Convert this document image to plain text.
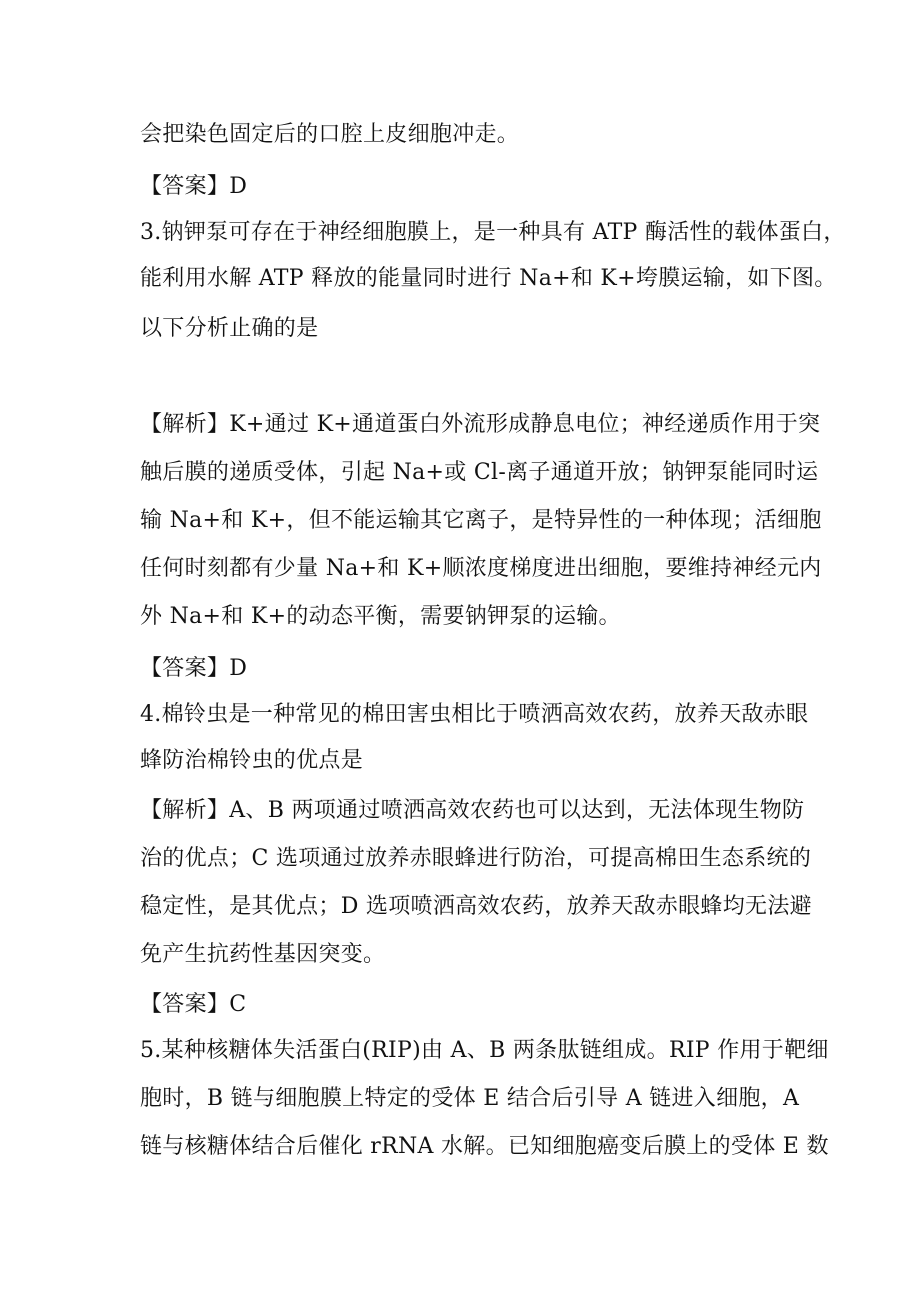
会把染色固定后的口腔上皮细胞冲走。
【答案】D
3.钠钾泵可存在于神经细胞膜上，是一种具有 ATP 酶活性的载体蛋白，
能利用水解 ATP 释放的能量同时进行 Na+和 K+垮膜运输，如下图。
以下分析止确的是
【解析】K+通过 K+通道蛋白外流形成静息电位；神经递质作用于突
触后膜的递质受体，引起 Na+或 Cl-离子通道开放；钠钾泵能同时运
输 Na+和 K+，但不能运输其它离子，是特异性的一种体现；活细胞
任何时刻都有少量 Na+和 K+顺浓度梯度进出细胞，要维持神经元内
外 Na+和 K+的动态平衡，需要钠钾泵的运输。
【答案】D
4.棉铃虫是一种常见的棉田害虫相比于喷洒高效农药，放养天敌赤眼
蜂防治棉铃虫的优点是
【解析】A、B 两项通过喷洒高效农药也可以达到，无法体现生物防
治的优点；C 选项通过放养赤眼蜂进行防治，可提高棉田生态系统的
稳定性，是其优点；D 选项喷洒高效农药，放养天敌赤眼蜂均无法避
免产生抗药性基因突变。
【答案】C
5.某种核糖体失活蛋白(RIP)由 A、B 两条肽链组成。RIP 作用于靶细
胞时，B 链与细胞膜上特定的受体 E 结合后引导 A 链进入细胞，A
链与核糖体结合后催化 rRNA 水解。已知细胞癌变后膜上的受体 E 数
